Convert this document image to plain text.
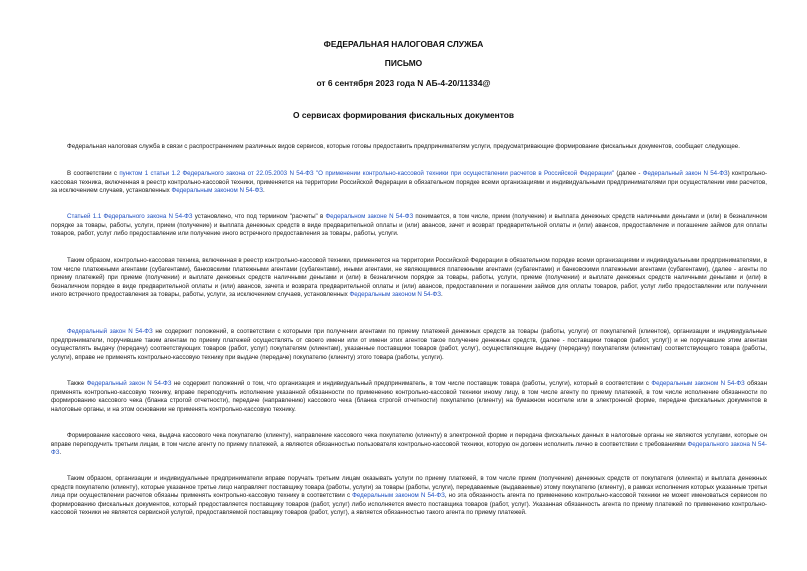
ФЕДЕРАЛЬНАЯ НАЛОГОВАЯ СЛУЖБА
ПИСЬМО
от 6 сентября 2023 года N АБ-4-20/11334@
О сервисах формирования фискальных документов

Федеральная налоговая служба в связи с распространением различных видов сервисов, которые готовы предоставить предпринимателям услуги, предусматривающие формирование фискальных документов, сообщает следующее.

В соответствии с пунктом 1 статьи 1.2 Федерального закона от 22.05.2003 N 54-ФЗ "О применении контрольно-кассовой техники при осуществлении расчетов в Российской Федерации" (далее - Федеральный закон N 54-ФЗ) контрольно-кассовая техника, включенная в реестр контрольно-кассовой техники, применяется на территории Российской Федерации в обязательном порядке всеми организациями и индивидуальными предпринимателями при осуществлении ими расчетов, за исключением случаев, установленных Федеральным законом N 54-ФЗ.

Статьей 1.1 Федерального закона N 54-ФЗ установлено, что под термином "расчеты" в Федеральном законе N 54-ФЗ понимается, в том числе, прием (получение) и выплата денежных средств наличными деньгами и (или) в безналичном порядке за товары, работы, услуги, прием (получение) и выплата денежных средств в виде предварительной оплаты и (или) авансов, зачет и возврат предварительной оплаты и (или) авансов, предоставление и погашение займов для оплаты товаров, работ, услуг либо предоставление или получение иного встречного предоставления за товары, работы, услуги.

Таким образом, контрольно-кассовая техника, включенная в реестр контрольно-кассовой техники, применяется на территории Российской Федерации в обязательном порядке всеми организациями и индивидуальными предпринимателями, в том числе платежными агентами (субагентами), банковскими платежными агентами (субагентами), иными агентами, не являющимися платежными агентами (субагентами) и банковскими платежными агентами (субагентами), (далее - агенты по приему платежей) при приеме (получении) и выплате денежных средств наличными деньгами и (или) в безналичном порядке за товары, работы, услуги, приеме (получении) и выплате денежных средств наличными деньгами и (или) в безналичном порядке в виде предварительной оплаты и (или) авансов, зачета и возврата предварительной оплаты и (или) авансов, предоставлении и погашении займов для оплаты товаров, работ, услуг либо предоставлении или получении иного встречного предоставления за товары, работы, услуги, за исключением случаев, установленных Федеральным законом N 54-ФЗ.

Федеральный закон N 54-ФЗ не содержит положений, в соответствии с которыми при получении агентами по приему платежей денежных средств за товары (работы, услуги) от покупателей (клиентов), организации и индивидуальные предприниматели, поручившие таким агентам по приему платежей осуществлять от своего имени или от имени этих агентов такое получение денежных средств, (далее - поставщики товаров (работ, услуг)) и не поручавшие этим агентам осуществлять выдачу (передачу) соответствующих товаров (работ, услуг) покупателям (клиентам), указанные поставщики товаров (работ, услуг), осуществляющие выдачу (передачу) покупателям (клиентам) соответствующего товара (работы, услуги), вправе не применять контрольно-кассовую технику при выдаче (передаче) покупателю (клиенту) этого товара (работы, услуги).

Также Федеральный закон N 54-ФЗ не содержит положений о том, что организация и индивидуальный предприниматель, в том числе поставщик товара (работы, услуги), который в соответствии с Федеральным законом N 54-ФЗ обязан применять контрольно-кассовую технику, вправе переподучить исполнение указанной обязанности по применению контрольно-кассовой техники иному лицу, в том числе агенту по приему платежей, в том числе исполнение обязанности по формированию кассового чека (бланка строгой отчетности), передаче (направлению) кассового чека (бланка строгой отчетности) покупателю (клиенту) на бумажном носителе или в электронной форме, передаче фискальных документов в налоговые органы, и на этом основании не применять контрольно-кассовую технику.

Формирование кассового чека, выдача кассового чека покупателю (клиенту), направление кассового чека покупателю (клиенту) в электронной форме и передача фискальных данных в налоговые органы не являются услугами, которые он вправе переподучить третьим лицам, в том числе агенту по приему платежей, а являются обязанностью пользователя контрольно-кассовой техники, которую он должен исполнить лично в соответствии с требованиями Федерального закона N 54-ФЗ.

Таким образом, организации и индивидуальные предприниматели вправе поручать третьим лицам оказывать услуги по приему платежей, в том числе прием (получение) денежных средств от покупателя (клиента) и выплата денежных средств покупателю (клиенту), которые указанное третье лицо направляет поставщику товара (работы, услуги) за товары (работы, услуги), передаваемые (выдаваемые) этому покупателю (клиенту), в рамках исполнения которых указанные третьи лица при осуществлении расчетов обязаны применять контрольно-кассовую технику в соответствии с Федеральным законом N 54-ФЗ, но эта обязанность агента по применению контрольно-кассовой техники не может именоваться сервисом по формированию фискальных документов, который предоставляется поставщику товаров (работ, услуг) либо исполняется вместо поставщика товаров (работ, услуг). Указанная обязанность агента по приему платежей по применению контрольно-кассовой техники не является сервисной услугой, предоставляемой поставщику товаров (работ, услуг), а является обязанностью такого агента по приему платежей.
